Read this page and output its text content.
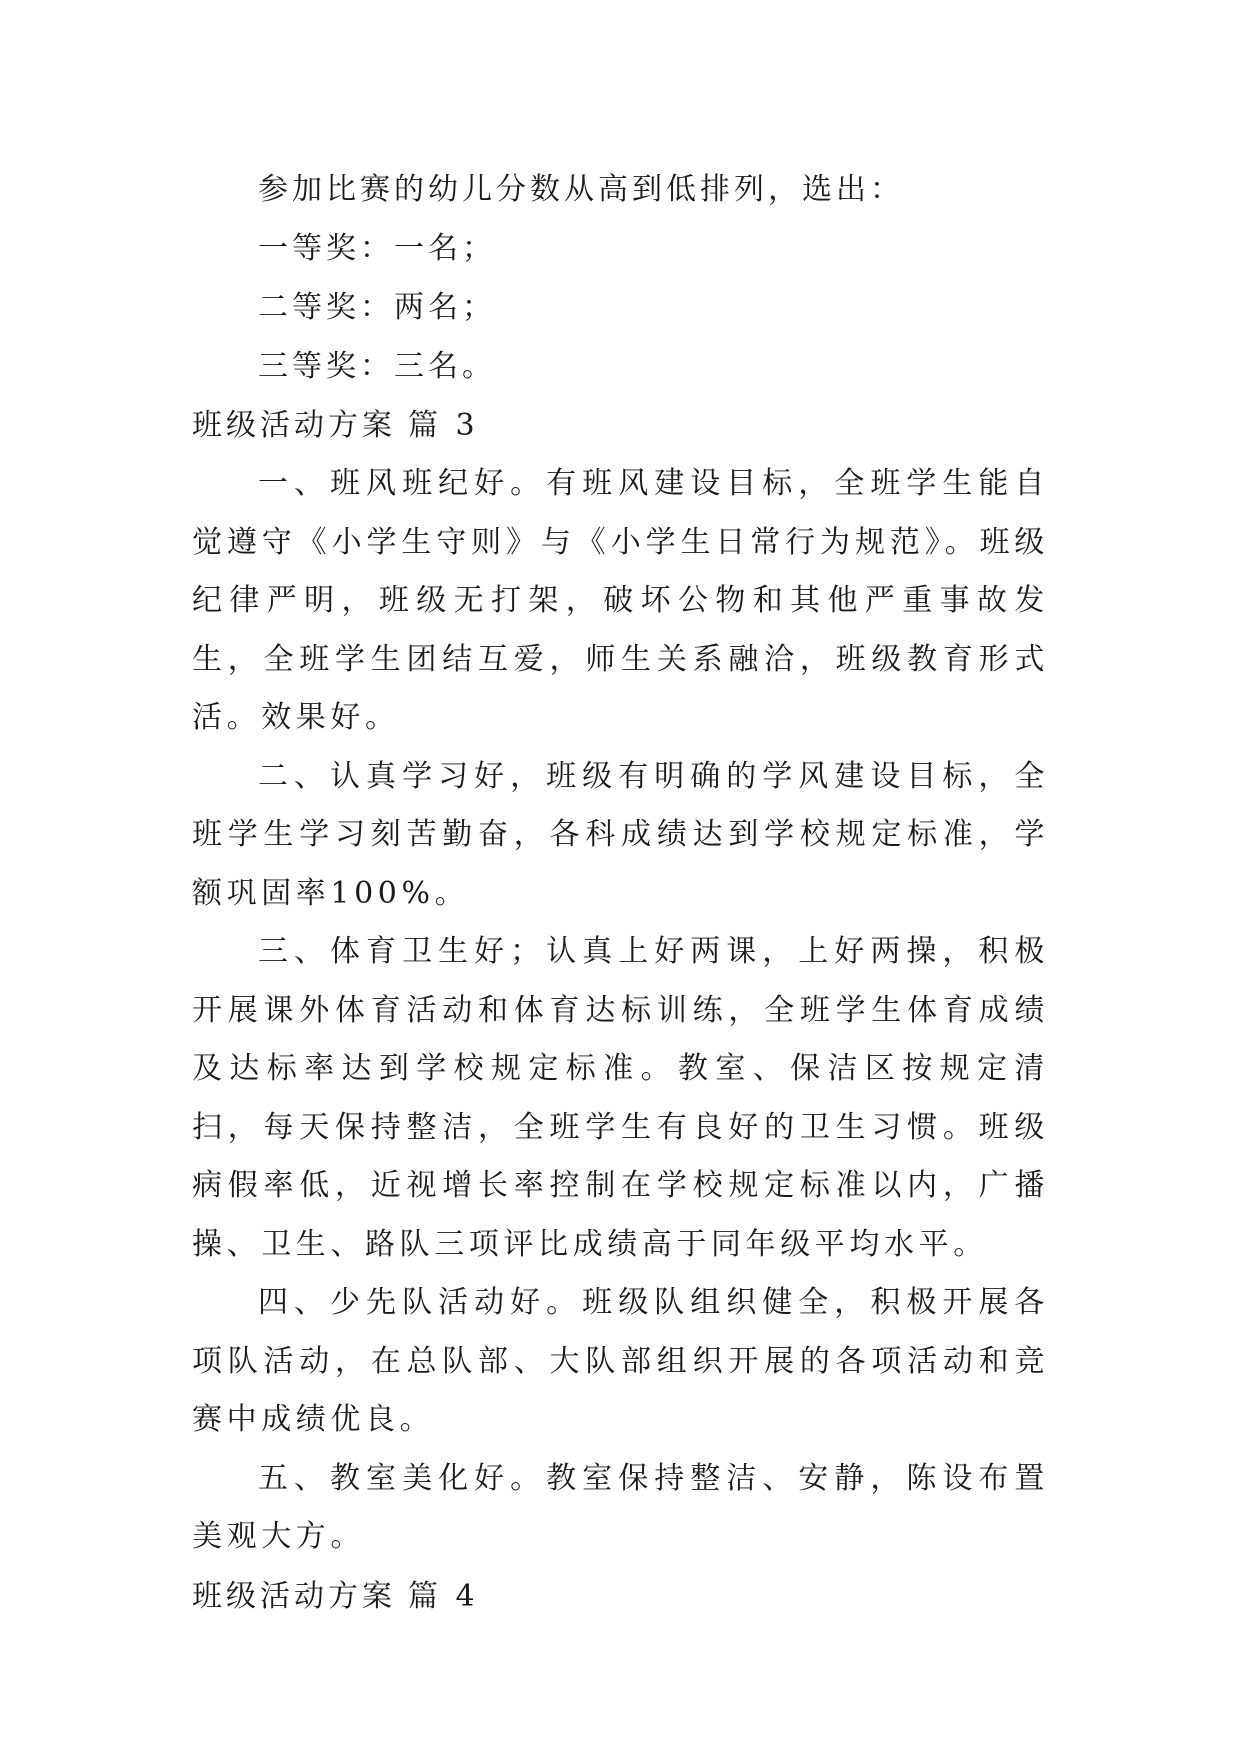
参加比赛的幼儿分数从高到低排列，选出：
一等奖：一名；
二等奖：两名；
三等奖：三名。
班级活动方案 篇 3

一、班风班纪好。有班风建设目标，全班学生能自觉遵守《小学生守则》与《小学生日常行为规范》。班级纪律严明，班级无打架，破坏公物和其他严重事故发生，全班学生团结互爱，师生关系融洽，班级教育形式活。效果好。

二、认真学习好，班级有明确的学风建设目标，全班学生学习刻苦勤奋，各科成绩达到学校规定标准，学额巩固率100%。

三、体育卫生好；认真上好两课，上好两操，积极开展课外体育活动和体育达标训练，全班学生体育成绩及达标率达到学校规定标准。教室、保洁区按规定清扫，每天保持整洁，全班学生有良好的卫生习惯。班级病假率低，近视增长率控制在学校规定标准以内，广播操、卫生、路队三项评比成绩高于同年级平均水平。

四、少先队活动好。班级队组织健全，积极开展各项队活动，在总队部、大队部组织开展的各项活动和竞赛中成绩优良。

五、教室美化好。教室保持整洁、安静，陈设布置美观大方。

班级活动方案 篇 4
